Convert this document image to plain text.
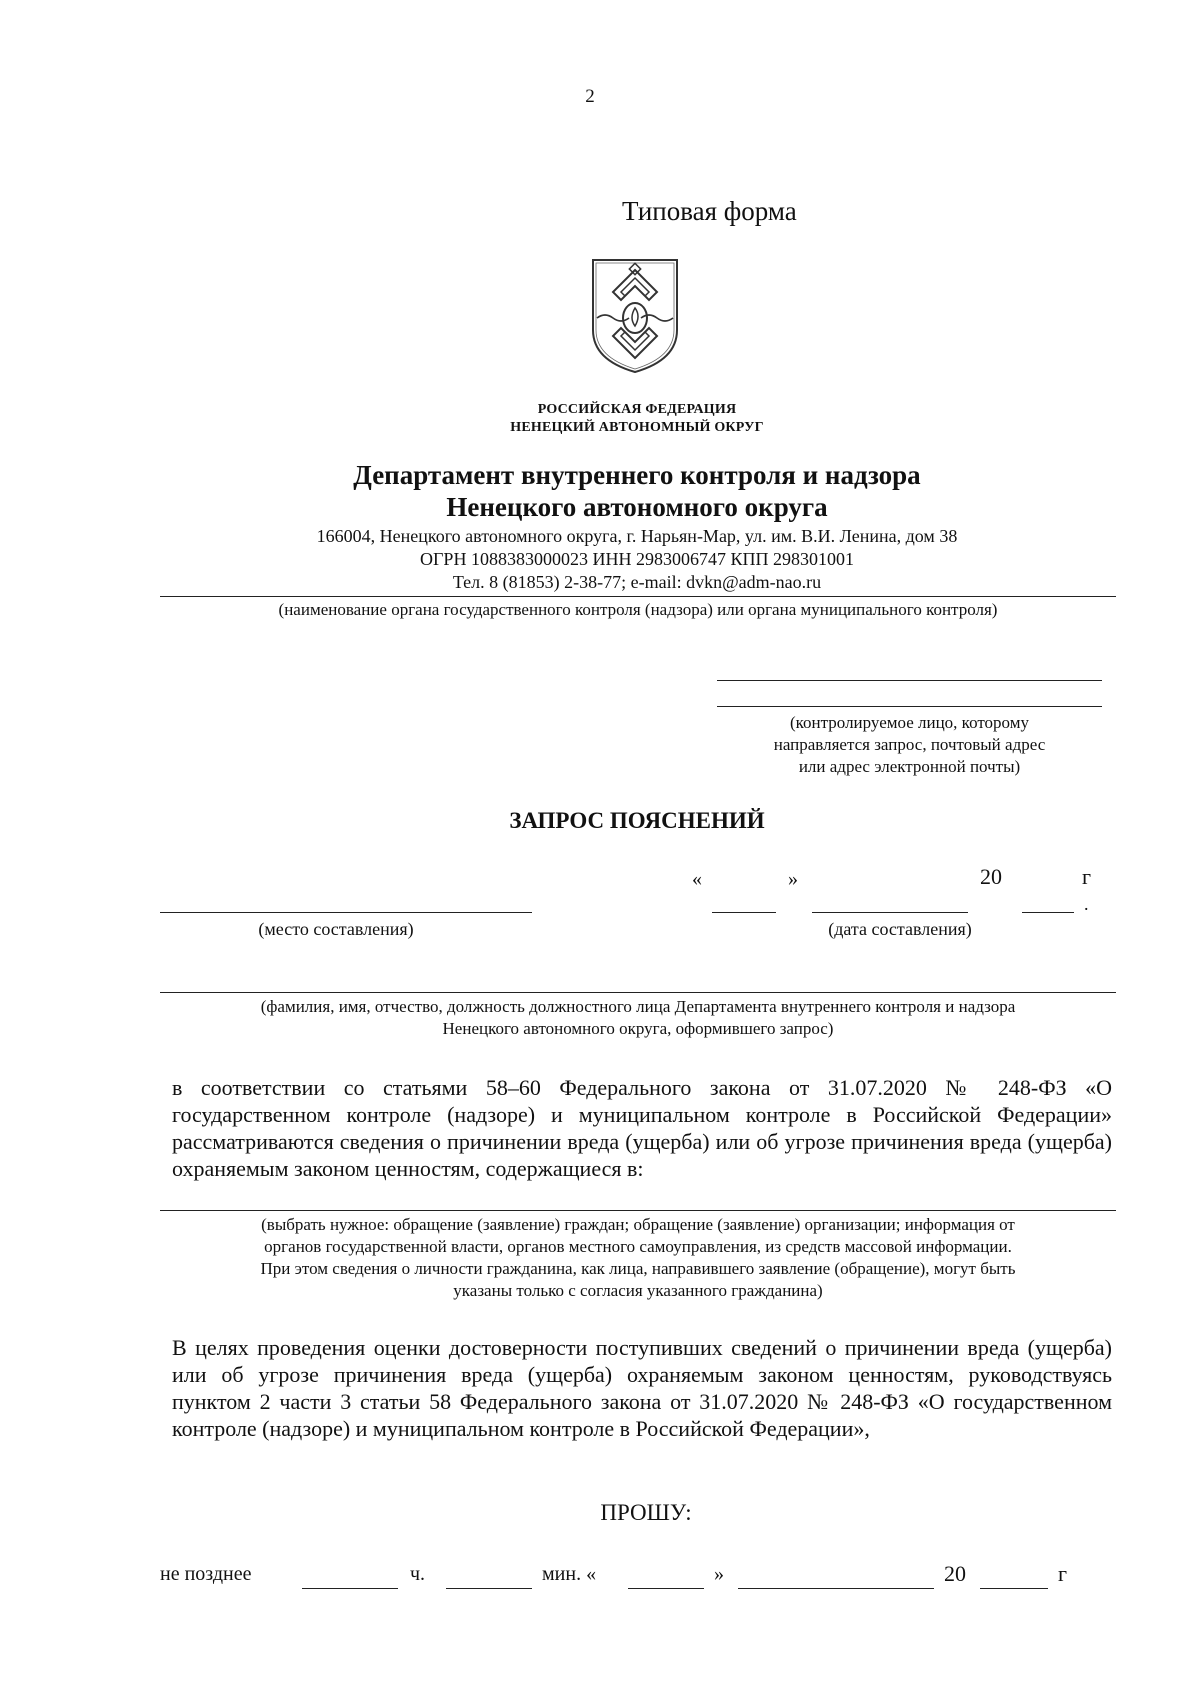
2
Типовая форма
РОССИЙСКАЯ ФЕДЕРАЦИЯ
НЕНЕЦКИЙ АВТОНОМНЫЙ ОКРУГ
Департамент внутреннего контроля и надзора
Ненецкого автономного округа
166004, Ненецкого автономного округа, г. Нарьян-Мар, ул. им. В.И. Ленина, дом 38
ОГРН 1088383000023 ИНН 2983006747 КПП 298301001
Тел. 8 (81853) 2-38-77; e-mail: dvkn@adm-nao.ru
(наименование органа государственного контроля (надзора) или органа муниципального контроля)
(контролируемое лицо, которому
направляется запрос, почтовый адрес
или адрес электронной почты)
ЗАПРОС ПОЯСНЕНИЙ
«	»	20	г
.
(место составления)	(дата составления)
(фамилия, имя, отчество, должность должностного лица Департамента внутреннего контроля и надзора
Ненецкого автономного округа, оформившего запрос)
в соответствии со статьями 58–60 Федерального закона от 31.07.2020 № 248-ФЗ «О государственном контроле (надзоре) и муниципальном контроле в Российской Федерации» рассматриваются сведения о причинении вреда (ущерба) или об угрозе причинения вреда (ущерба) охраняемым законом ценностям, содержащиеся в:
(выбрать нужное: обращение (заявление) граждан; обращение (заявление) организации; информация от
органов государственной власти, органов местного самоуправления, из средств массовой информации.
При этом сведения о личности гражданина, как лица, направившего заявление (обращение), могут быть
указаны только с согласия указанного гражданина)
В целях проведения оценки достоверности поступивших сведений о причинении вреда (ущерба) или об угрозе причинения вреда (ущерба) охраняемым законом ценностям, руководствуясь пунктом 2 части 3 статьи 58 Федерального закона от 31.07.2020 № 248-ФЗ «О государственном контроле (надзоре) и муниципальном контроле в Российской Федерации»,
ПРОШУ:
не позднее	ч.	мин. «	»	20	г
